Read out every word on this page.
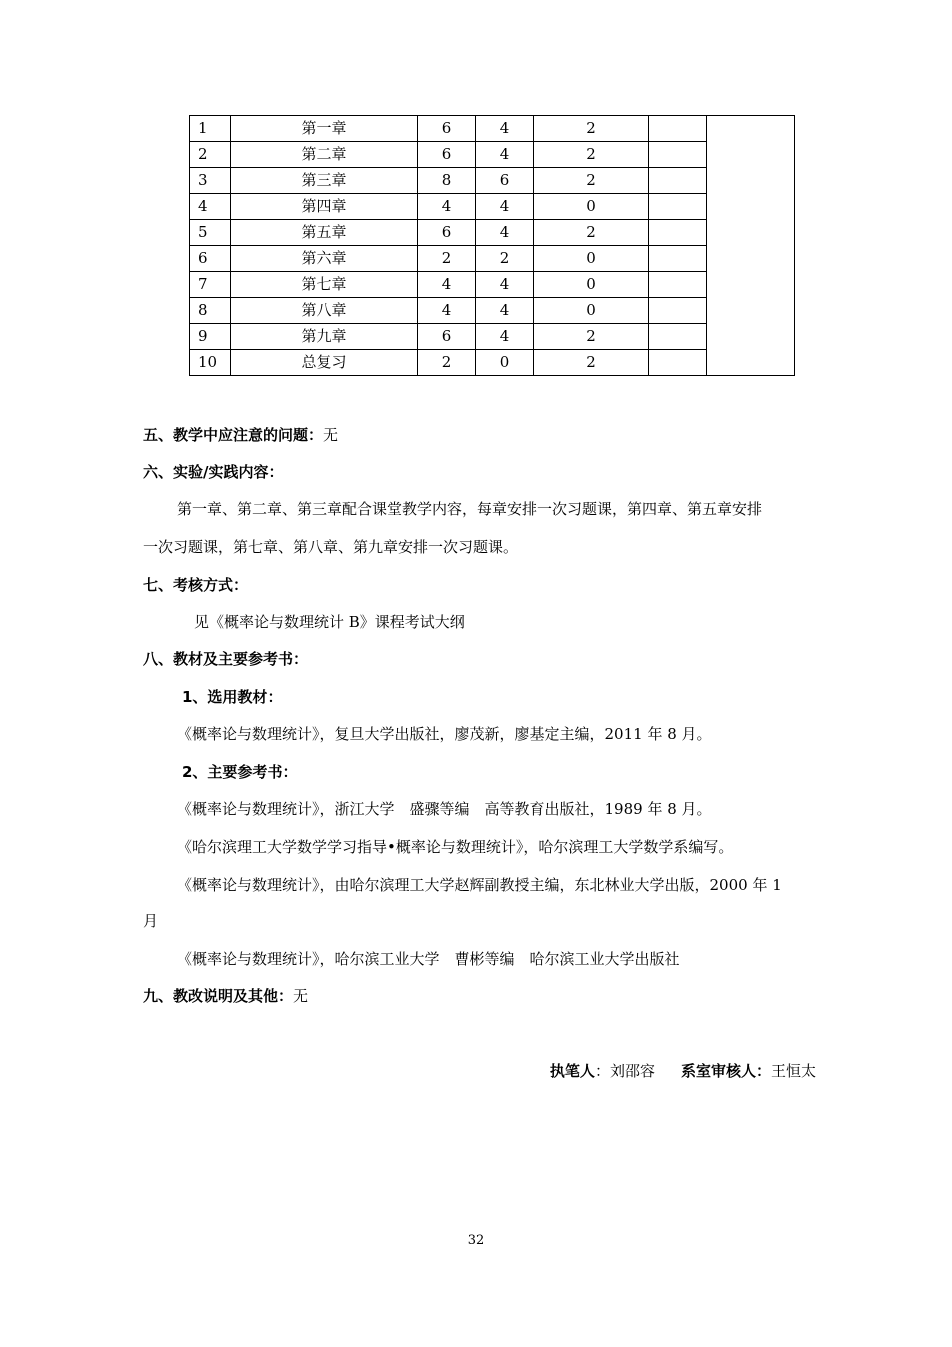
1	第一章	6	4	2		
2	第二章	6	4	2		
3	第三章	8	6	2		
4	第四章	4	4	0		
5	第五章	6	4	2		
6	第六章	2	2	0		
7	第七章	4	4	0		
8	第八章	4	4	0		
9	第九章	6	4	2		
10	总复习	2	0	2		
五、教学中应注意的问题：无
六、实验/实践内容：
第一章、第二章、第三章配合课堂教学内容，每章安排一次习题课，第四章、第五章安排
一次习题课，第七章、第八章、第九章安排一次习题课。
七、考核方式：
见《概率论与数理统计 B》课程考试大纲
八、教材及主要参考书：
1、选用教材：
《概率论与数理统计》，复旦大学出版社，廖茂新，廖基定主编，2011 年 8 月。
2、主要参考书：
《概率论与数理统计》，浙江大学　盛骤等编　高等教育出版社，1989 年 8 月。
《哈尔滨理工大学数学学习指导•概率论与数理统计》，哈尔滨理工大学数学系编写。
《概率论与数理统计》，由哈尔滨理工大学赵辉副教授主编，东北林业大学出版，2000 年 1
月
《概率论与数理统计》，哈尔滨工业大学　曹彬等编　哈尔滨工业大学出版社
九、教改说明及其他：无
执笔人：刘邵容 系室审核人：王恒太
32
